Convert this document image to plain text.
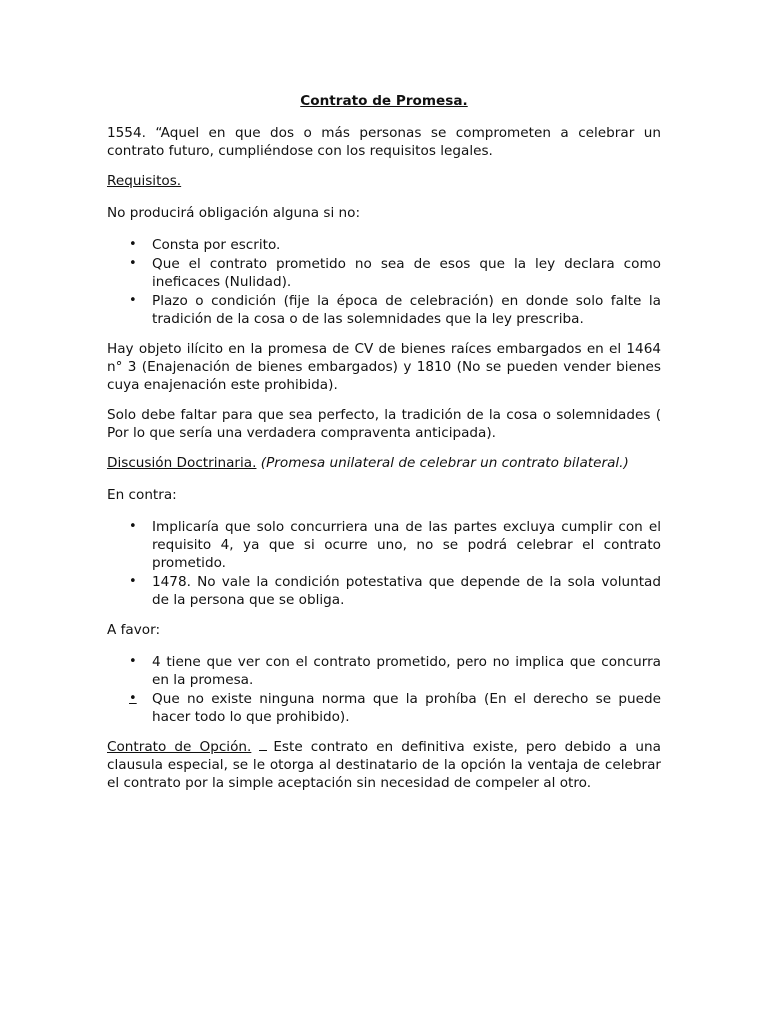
Contrato de Promesa.

1554. “Aquel en que dos o más personas se comprometen a celebrar un contrato futuro, cumpliéndose con los requisitos legales.

Requisitos.

No producirá obligación alguna si no:

• Consta por escrito.
• Que el contrato prometido no sea de esos que la ley declara como ineficaces (Nulidad).
• Plazo o condición (fije la época de celebración) en donde solo falte la tradición de la cosa o de las solemnidades que la ley prescriba.

Hay objeto ilícito en la promesa de CV de bienes raíces embargados en el 1464 n° 3 (Enajenación de bienes embargados) y 1810 (No se pueden vender bienes cuya enajenación este prohibida).

Solo debe faltar para que sea perfecto, la tradición de la cosa o solemnidades ( Por lo que sería una verdadera compraventa anticipada).

Discusión Doctrinaria. (Promesa unilateral de celebrar un contrato bilateral.)

En contra:

• Implicaría que solo concurriera una de las partes excluya cumplir con el requisito 4, ya que si ocurre uno, no se podrá celebrar el contrato prometido.
• 1478. No vale la condición potestativa que depende de la sola voluntad de la persona que se obliga.

A favor:

• 4 tiene que ver con el contrato prometido, pero no implica que concurra en la promesa.
• Que no existe ninguna norma que la prohíba (En el derecho se puede hacer todo lo que prohibido).

Contrato de Opción. Este contrato en definitiva existe, pero debido a una clausula especial, se le otorga al destinatario de la opción la ventaja de celebrar el contrato por la simple aceptación sin necesidad de compeler al otro.
